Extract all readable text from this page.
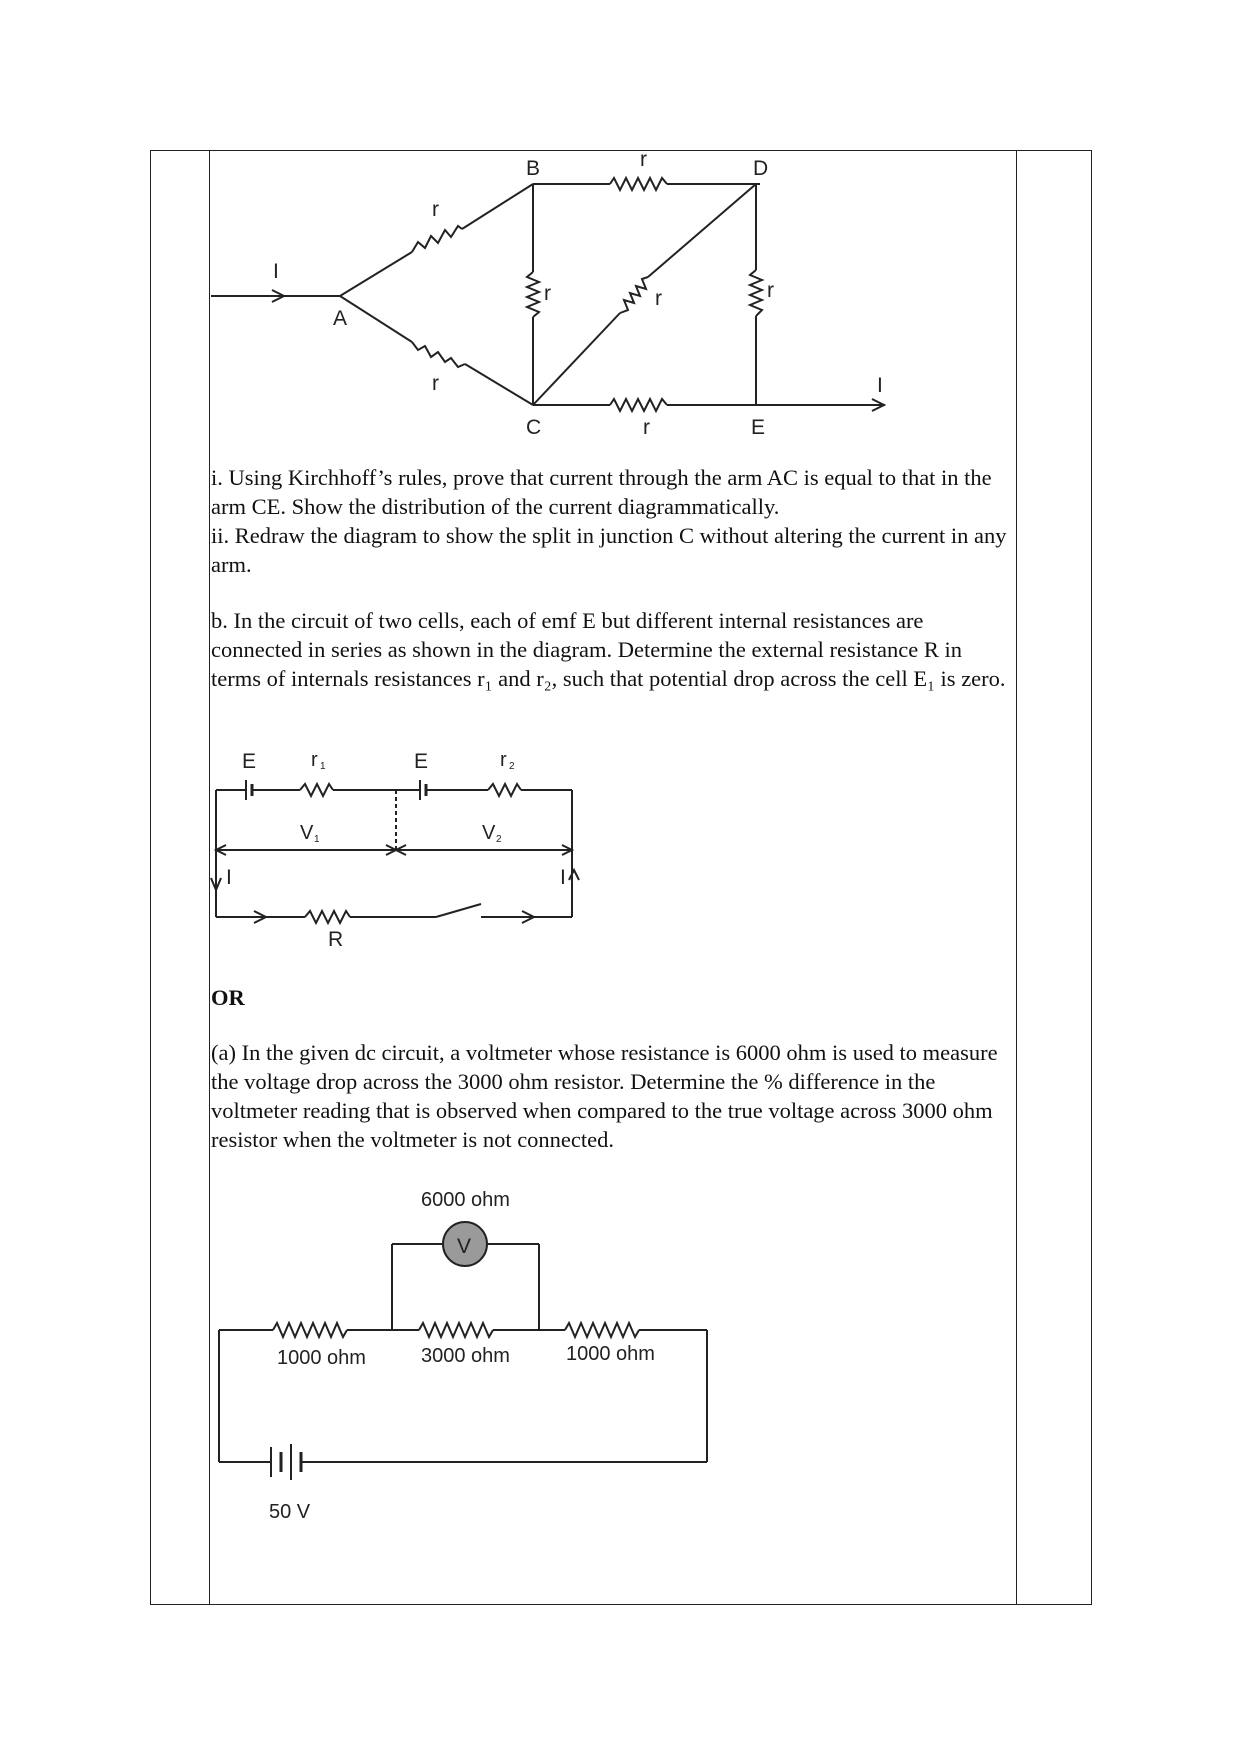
I
A
r
r
r
B	D
r	r	r
r
I
C	E
i. Using Kirchhoff’s rules, prove that current through the arm AC is equal to that in the arm CE. Show the distribution of the current diagrammatically.
ii. Redraw the diagram to show the split in junction C without altering the current in any arm.
b. In the circuit of two cells, each of emf E but different internal resistances are connected in series as shown in the diagram. Determine the external resistance R in terms of internals resistances r₁ and r₂, such that potential drop across the cell E₁ is zero.
E	r 1	E	r 2
V 1	V 2
I	I
R
OR
(a) In the given dc circuit, a voltmeter whose resistance is 6000 ohm is used to measure the voltage drop across the 3000 ohm resistor. Determine the % difference in the voltmeter reading that is observed when compared to the true voltage across 3000 ohm resistor when the voltmeter is not connected.
6000 ohm
V
1000 ohm	3000 ohm	1000 ohm
50 V
